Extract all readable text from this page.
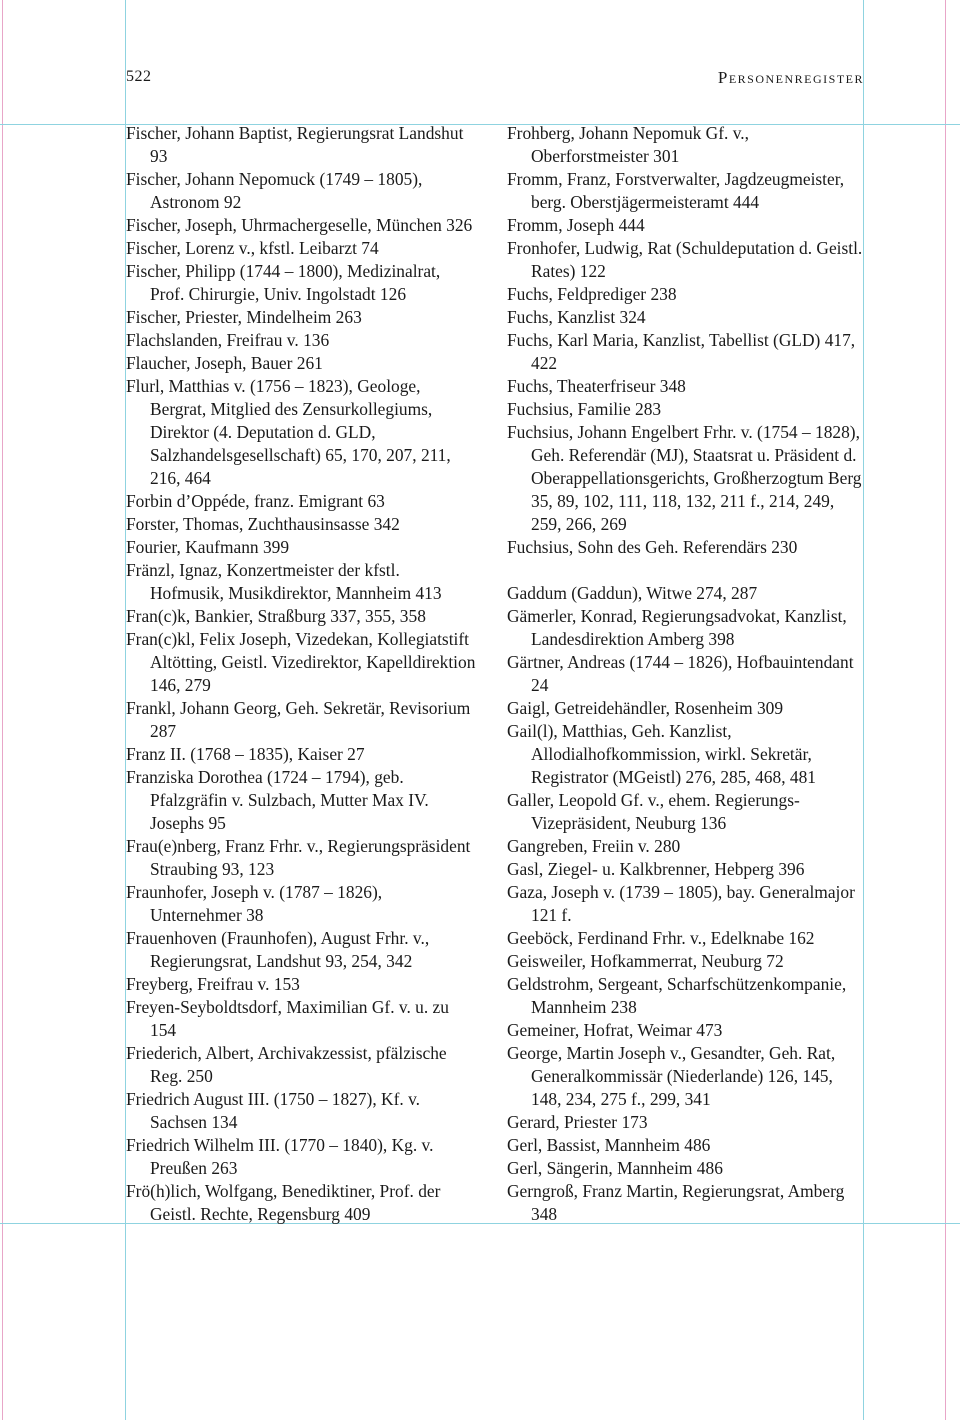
522	Personenregister
Fischer, Johann Baptist, Regierungsrat Landshut 93
Fischer, Johann Nepomuck (1749 – 1805), Astronom 92
Fischer, Joseph, Uhrmachergeselle, München 326
Fischer, Lorenz v., kfstl. Leibarzt 74
Fischer, Philipp (1744 – 1800), Medizinalrat, Prof. Chirurgie, Univ. Ingolstadt 126
Fischer, Priester, Mindelheim 263
Flachslanden, Freifrau v. 136
Flaucher, Joseph, Bauer 261
Flurl, Matthias v. (1756 – 1823), Geologe, Bergrat, Mitglied des Zensurkollegiums, Direktor (4. Deputation d. GLD, Salzhandelsgesellschaft) 65, 170, 207, 211, 216, 464
Forbin d’Oppéde, franz. Emigrant 63
Forster, Thomas, Zuchthausinsasse 342
Fourier, Kaufmann 399
Fränzl, Ignaz, Konzertmeister der kfstl. Hofmusik, Musikdirektor, Mannheim 413
Fran(c)k, Bankier, Straßburg 337, 355, 358
Fran(c)kl, Felix Joseph, Vizedekan, Kollegiatstift Altötting, Geistl. Vizedirektor, Kapelldirektion 146, 279
Frankl, Johann Georg, Geh. Sekretär, Revisorium 287
Franz II. (1768 – 1835), Kaiser 27
Franziska Dorothea (1724 – 1794), geb. Pfalzgräfin v. Sulzbach, Mutter Max IV. Josephs 95
Frau(e)nberg, Franz Frhr. v., Regierungspräsident Straubing 93, 123
Fraunhofer, Joseph v. (1787 – 1826), Unternehmer 38
Frauenhoven (Fraunhofen), August Frhr. v., Regierungsrat, Landshut 93, 254, 342
Freyberg, Freifrau v. 153
Freyen-Seyboldtsdorf, Maximilian Gf. v. u. zu 154
Friederich, Albert, Archivakzessist, pfälzische Reg. 250
Friedrich August III. (1750 – 1827), Kf. v. Sachsen 134
Friedrich Wilhelm III. (1770 – 1840), Kg. v. Preußen 263
Frö(h)lich, Wolfgang, Benediktiner, Prof. der Geistl. Rechte, Regensburg 409
Frohberg, Johann Nepomuk Gf. v., Oberforstmeister 301
Fromm, Franz, Forstverwalter, Jagdzeugmeister, berg. Oberstjägermeisteramt 444
Fromm, Joseph 444
Fronhofer, Ludwig, Rat (Schuldeputation d. Geistl. Rates) 122
Fuchs, Feldprediger 238
Fuchs, Kanzlist 324
Fuchs, Karl Maria, Kanzlist, Tabellist (GLD) 417, 422
Fuchs, Theaterfriseur 348
Fuchsius, Familie 283
Fuchsius, Johann Engelbert Frhr. v. (1754 – 1828), Geh. Referendär (MJ), Staatsrat u. Präsident d. Oberappellationsgerichts, Großherzogtum Berg 35, 89, 102, 111, 118, 132, 211 f., 214, 249, 259, 266, 269
Fuchsius, Sohn des Geh. Referendärs 230
Gaddum (Gaddun), Witwe 274, 287
Gämerler, Konrad, Regierungsadvokat, Kanzlist, Landesdirektion Amberg 398
Gärtner, Andreas (1744 – 1826), Hofbauintendant 24
Gaigl, Getreidehändler, Rosenheim 309
Gail(l), Matthias, Geh. Kanzlist, Allodialhofkommission, wirkl. Sekretär, Registrator (MGeistl) 276, 285, 468, 481
Galler, Leopold Gf. v., ehem. Regierungs-Vizepräsident, Neuburg 136
Gangreben, Freiin v. 280
Gasl, Ziegel- u. Kalkbrenner, Hebperg 396
Gaza, Joseph v. (1739 – 1805), bay. Generalmajor 121 f.
Geeböck, Ferdinand Frhr. v., Edelknabe 162
Geisweiler, Hofkammerrat, Neuburg 72
Geldstrohm, Sergeant, Scharfschützenkompanie, Mannheim 238
Gemeiner, Hofrat, Weimar 473
George, Martin Joseph v., Gesandter, Geh. Rat, Generalkommissär (Niederlande) 126, 145, 148, 234, 275 f., 299, 341
Gerard, Priester 173
Gerl, Bassist, Mannheim 486
Gerl, Sängerin, Mannheim 486
Gerngroß, Franz Martin, Regierungsrat, Amberg 348
